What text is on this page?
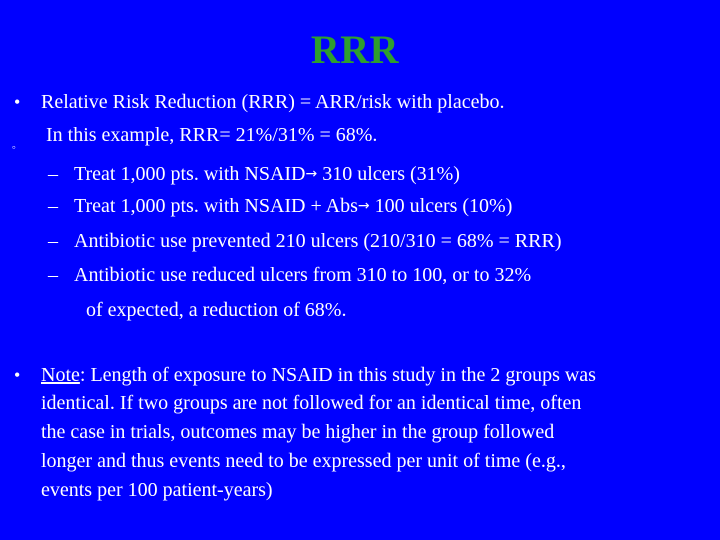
RRR
• Relative Risk Reduction (RRR) = ARR/risk with placebo.
。 In this example, RRR= 21%/31% = 68%.
– Treat 1,000 pts. with NSAID→ 310 ulcers (31%)
– Treat 1,000 pts. with NSAID + Abs→ 100 ulcers (10%)
– Antibiotic use prevented 210 ulcers (210/310 = 68% = RRR)
– Antibiotic use reduced ulcers from 310 to 100, or to 32%
of expected, a reduction of 68%.
• Note: Length of exposure to NSAID in this study in the 2 groups was
identical. If two groups are not followed for an identical time, often
the case in trials, outcomes may be higher in the group followed
longer and thus events need to be expressed per unit of time (e.g.,
events per 100 patient-years)
